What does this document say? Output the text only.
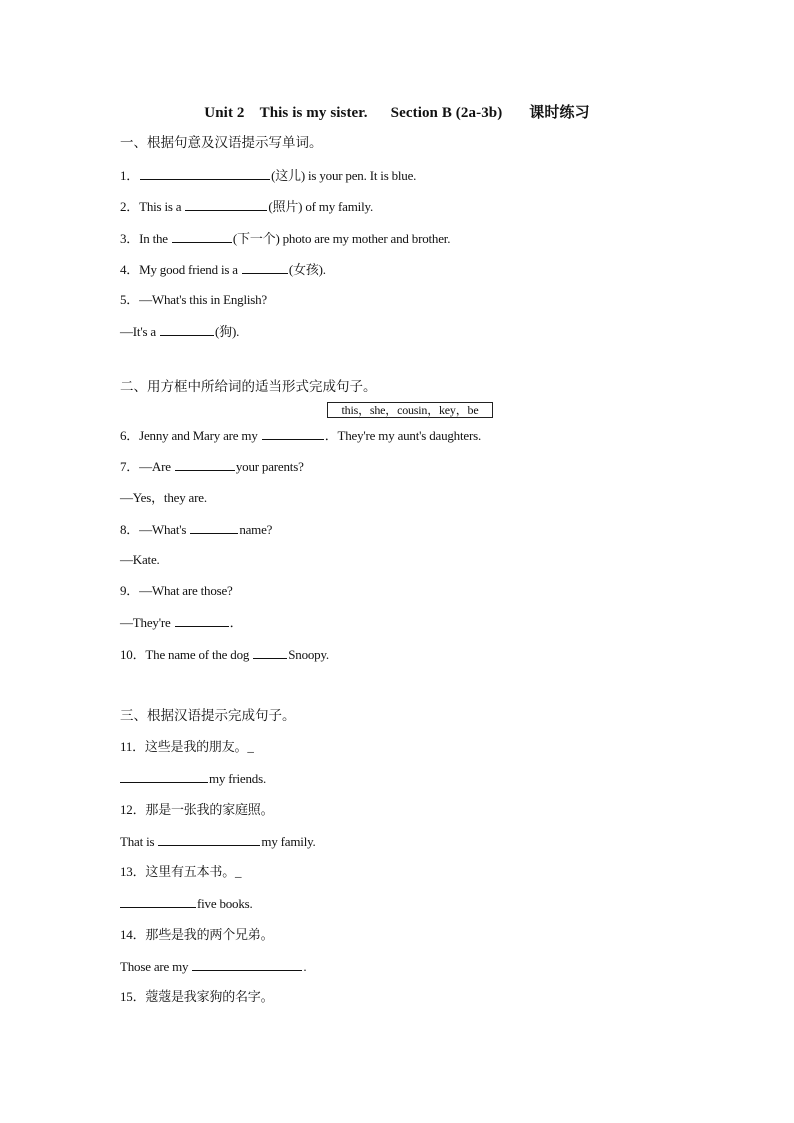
Unit 2    This is my sister.      Section B (2a-3b)       课时练习
一、根据句意及汉语提示写单词。
1．	(这儿) is your pen. It is blue.
2．This is a	(照片) of my family.
3．In the	(下一个) photo are my mother and brother.
4．My good friend is a	(女孩).
5．—What's this in English?
—It's a	(狗).
二、用方框中所给词的适当形式完成句子。
this，she，cousin，key，be
6．Jenny and Mary are my	．They're my aunt's daughters.
7．—Are	your parents?
—Yes，they are.
8．—What's	name?
—Kate.
9．—What are those?
—They're	．
10．The name of the dog	Snoopy.
三、根据汉语提示完成句子。
11．这些是我的朋友。_
my friends.
12．那是一张我的家庭照。
That is	my family.
13．这里有五本书。_
five books.
14．那些是我的两个兄弟。
Those are my	.
15．蔻蔻是我家狗的名字。
